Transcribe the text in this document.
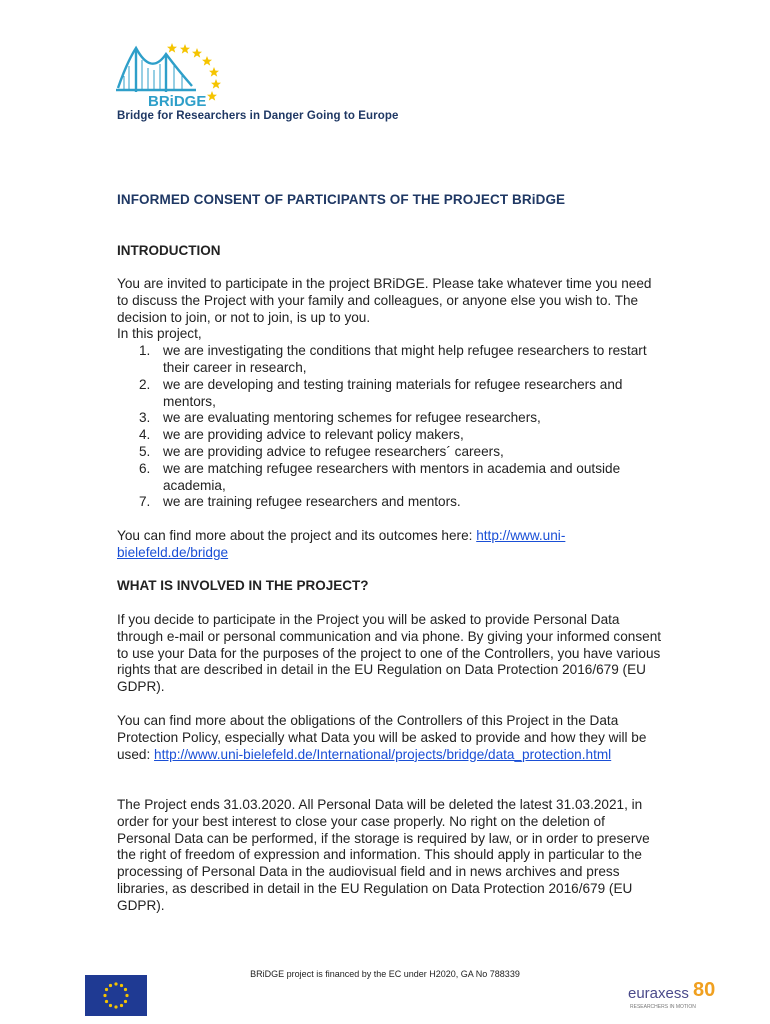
BRiDGE
Bridge for Researchers in Danger Going to Europe
INFORMED CONSENT OF PARTICIPANTS OF THE PROJECT BRiDGE
INTRODUCTION

You are invited to participate in the project BRiDGE. Please take whatever time you need to discuss the Project with your family and colleagues, or anyone else you wish to. The decision to join, or not to join, is up to you.

In this project,

1. we are investigating the conditions that might help refugee researchers to restart their career in research,
2. we are developing and testing training materials for refugee researchers and mentors,
3. we are evaluating mentoring schemes for refugee researchers,
4. we are providing advice to relevant policy makers,
5. we are providing advice to refugee researchers´ careers,
6. we are matching refugee researchers with mentors in academia and outside academia,
7. we are training refugee researchers and mentors.
You can find more about the project and its outcomes here: http://www.uni-bielefeld.de/bridge
WHAT IS INVOLVED IN THE PROJECT?
If you decide to participate in the Project you will be asked to provide Personal Data through e-mail or personal communication and via phone. By giving your informed consent to use your Data for the purposes of the project to one of the Controllers, you have various rights that are described in detail in the EU Regulation on Data Protection 2016/679 (EU GDPR).
You can find more about the obligations of the Controllers of this Project in the Data Protection Policy, especially what Data you will be asked to provide and how they will be used: http://www.uni-bielefeld.de/International/projects/bridge/data_protection.html
The Project ends 31.03.2020. All Personal Data will be deleted the latest 31.03.2021, in order for your best interest to close your case properly. No right on the deletion of Personal Data can be performed, if the storage is required by law, or in order to preserve the right of freedom of expression and information. This should apply in particular to the processing of Personal Data in the audiovisual field and in news archives and press libraries, as described in detail in the EU Regulation on Data Protection 2016/679 (EU GDPR).
BRiDGE project is financed by the EC under H2020, GA No 788339
euraxess 80
RESEARCHERS IN MOTION
